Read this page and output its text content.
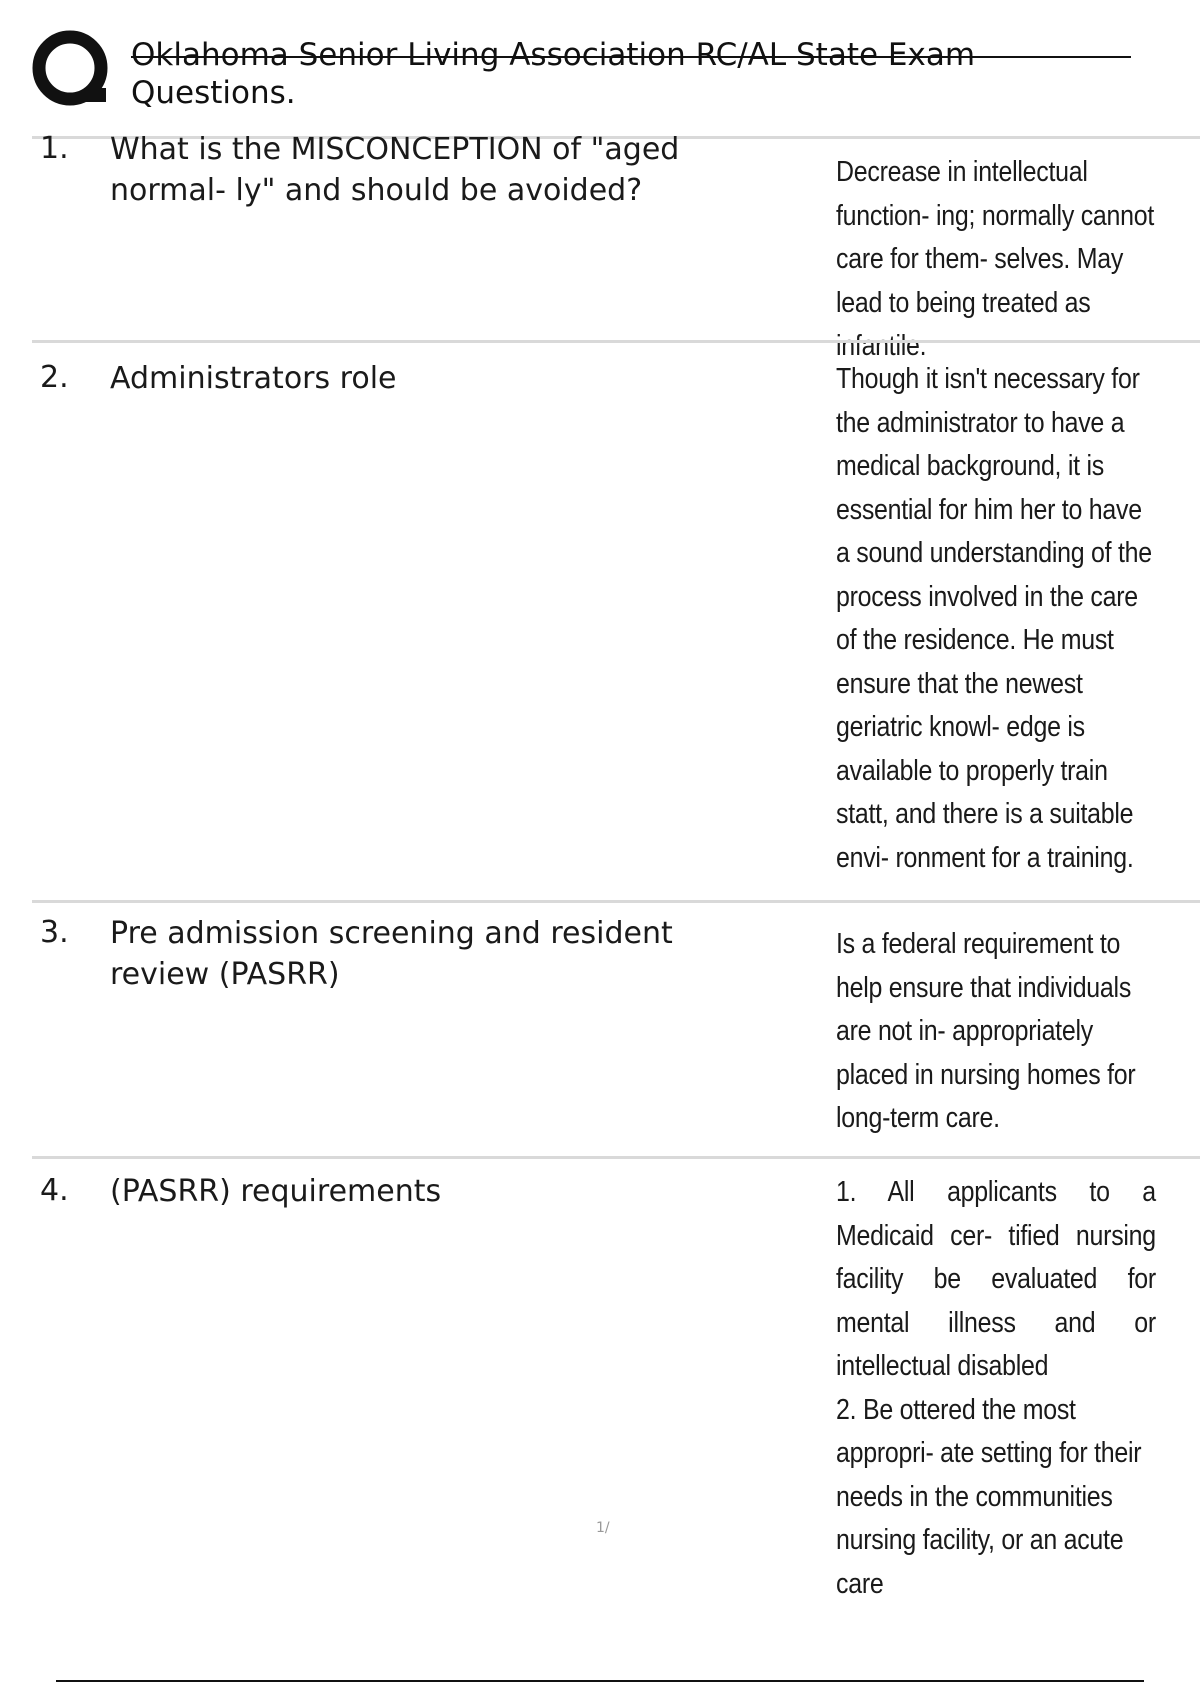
Oklahoma Senior Living Association RC/AL State Exam
Questions.
1. What is the MISCONCEPTION of "aged normal- ly" and should be avoided?
Decrease in intellectual function- ing; normally cannot care for them- selves. May lead to being treated as infantile.
2. Administrators role	Though it isn't necessary for the administrator to have a medical background, it is essential for him her to have a sound understanding of the process involved in the care of the residence. He must ensure that the newest geriatric knowl- edge is available to properly train statt, and there is a suitable envi- ronment for a training.
3. Pre admission screening and resident review (PASRR)
Is a federal requirement to help ensure that individuals are not in- appropriately placed in nursing homes for long-term care.
4. (PASRR) requirements	1. All applicants to a Medicaid cer- tified nursing facility be evaluated for mental illness and or intellectual disabled
2. Be ottered the most appropri- ate setting for their needs in the communities nursing facility, or an acute care
1/
